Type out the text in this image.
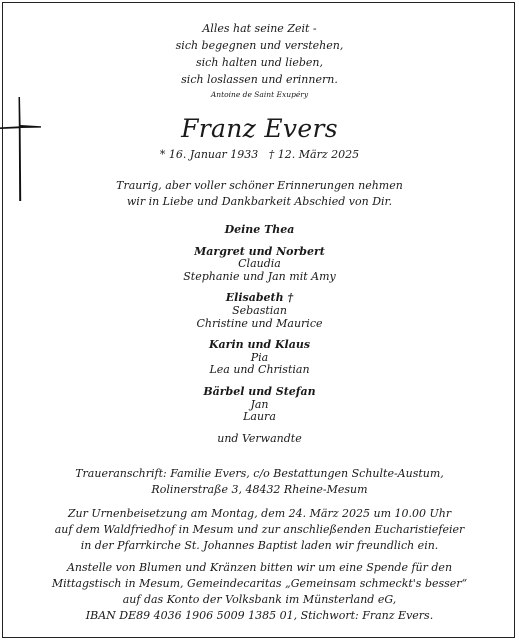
Alles hat seine Zeit -
sich begegnen und verstehen,
sich halten und lieben,
sich loslassen und erinnern.
Antoine de Saint Exupéry
Franz Evers
* 16. Januar 1933   † 12. März 2025
Traurig, aber voller schöner Erinnerungen nehmen
wir in Liebe und Dankbarkeit Abschied von Dir.
Deine Thea
Margret und Norbert
Claudia
Stephanie und Jan mit Amy
Elisabeth †
Sebastian
Christine und Maurice
Karin und Klaus
Pia
Lea und Christian
Bärbel und Stefan
Jan
Laura
und Verwandte
Traueranschrift: Familie Evers, c/o Bestattungen Schulte-Austum,
Rolinerstraße 3, 48432 Rheine-Mesum
Zur Urnenbeisetzung am Montag, dem 24. März 2025 um 10.00 Uhr
auf dem Waldfriedhof in Mesum und zur anschließenden Eucharistiefeier
in der Pfarrkirche St. Johannes Baptist laden wir freundlich ein.
Anstelle von Blumen und Kränzen bitten wir um eine Spende für den
Mittagstisch in Mesum, Gemeindecaritas „Gemeinsam schmeckt's besser“
auf das Konto der Volksbank im Münsterland eG,
IBAN DE89 4036 1906 5009 1385 01, Stichwort: Franz Evers.
